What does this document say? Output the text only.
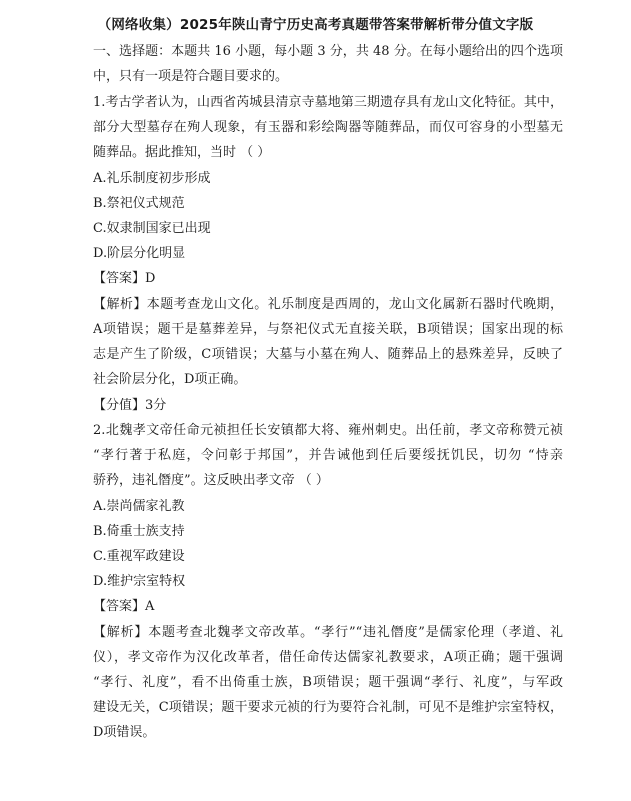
（网络收集）2025年陕山青宁历史高考真题带答案带解析带分值文字版
一、选择题：本题共 16 小题，每小题 3 分，共 48 分。在每小题给出的四个选项
中，只有一项是符合题目要求的。
1.考古学者认为，山西省芮城县清京寺墓地第三期遗存具有龙山文化特征。其中，
部分大型墓存在殉人现象，有玉器和彩绘陶器等随葬品，而仅可容身的小型墓无
随葬品。据此推知，当时 （ ）
A.礼乐制度初步形成
B.祭祀仪式规范
C.奴隶制国家已出现
D.阶层分化明显
【答案】D
【解析】本题考查龙山文化。礼乐制度是西周的，龙山文化属新石器时代晚期，
A项错误；题干是墓葬差异，与祭祀仪式无直接关联，B项错误；国家出现的标
志是产生了阶级，C项错误；大墓与小墓在殉人、随葬品上的悬殊差异，反映了
社会阶层分化，D项正确。
【分值】3分
2.北魏孝文帝任命元祯担任长安镇都大将、雍州刺史。出任前，孝文帝称赞元祯
“孝行著于私庭，令问彰于邦国”，并告诫他到任后要绥抚饥民，切勿 “恃亲
骄矜，违礼僭度”。这反映出孝文帝 （ ）
A.崇尚儒家礼教
B.倚重士族支持
C.重视军政建设
D.维护宗室特权
【答案】A
【解析】本题考查北魏孝文帝改革。“孝行”“违礼僭度”是儒家伦理（孝道、礼
仪），孝文帝作为汉化改革者，借任命传达儒家礼教要求，A项正确；题干强调
“孝行、礼度”，看不出倚重士族，B项错误；题干强调“孝行、礼度”，与军政
建设无关，C项错误；题干要求元祯的行为要符合礼制，可见不是维护宗室特权，
D项错误。
